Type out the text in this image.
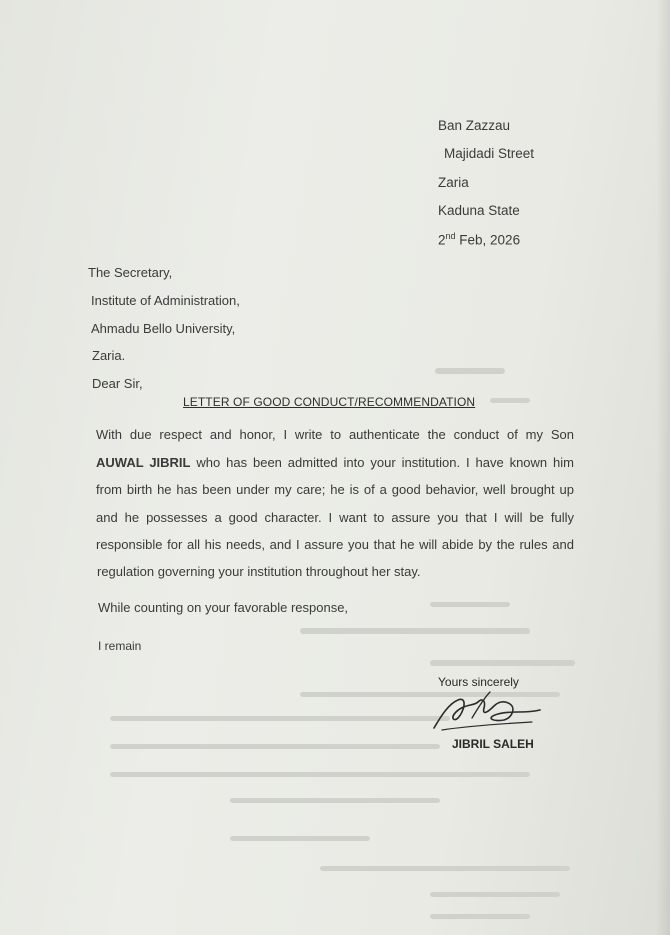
Ban Zazzau
Majidadi Street
Zaria
Kaduna State
2nd Feb, 2026
The Secretary,
Institute of Administration,
Ahmadu Bello University,
Zaria.
Dear Sir,
LETTER OF GOOD CONDUCT/RECOMMENDATION
With due respect and honor, I write to authenticate the conduct of my Son
AUWAL JIBRIL who has been admitted into your institution. I have known him
from birth he has been under my care; he is of a good behavior, well brought up
and he possesses a good character. I want to assure you that I will be fully
responsible for all his needs, and I assure you that he will abide by the rules and
regulation governing your institution throughout her stay.
While counting on your favorable response,
I remain
Yours sincerely
JIBRIL SALEH
